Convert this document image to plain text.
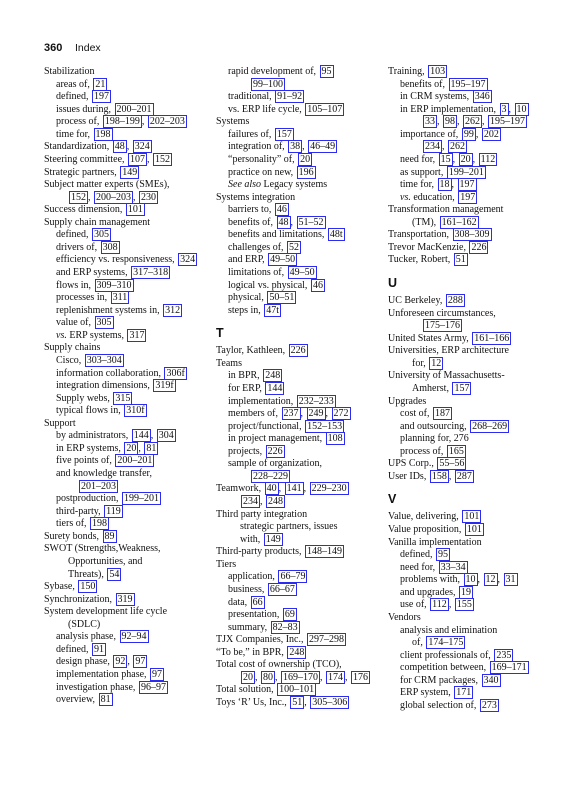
360 Index
Stabilization
areas of, 21
defined, 197
issues during, 200–201
process of, 198–199 , 202–203
time for, 198
Standardization, 48 , 324
Steering committee, 107 , 152
Strategic partners, 149
Subject matter experts (SMEs),
152 , 200–203 , 230
Success dimension, 101
Supply chain management
defined, 305
drivers of, 308
efficiency vs. responsiveness, 324
and ERP systems, 317–318
flows in, 309–310
processes in, 311
replenishment systems in, 312
value of, 305
vs. ERP systems, 317
Supply chains
Cisco, 303–304
information collaboration, 306f
integration dimensions, 319f
Supply webs, 315
typical flows in, 310f
Support
by administrators, 144 , 304
in ERP systems, 20 , 81
five points of, 200–201
and knowledge transfer,
201–203
postproduction, 199–201
third-party, 119
tiers of, 198
Surety bonds, 89
SWOT (Strengths,Weakness,
Opportunities, and
Threats), 54
Sybase, 150
Synchronization, 319
System development life cycle
(SDLC)
analysis phase, 92–94
defined, 91
design phase, 92 , 97
implementation phase, 97
investigation phase, 96–97
overview, 81
rapid development of, 95
99–100
traditional, 91–92
vs. ERP life cycle, 105–107
Systems
failures of, 157
integration of, 38 , 46–49
“personality” of, 20
practice on new, 196
See also Legacy systems
Systems integration
barriers to, 46
benefits of, 48 , 51–52
benefits and limitations, 48t
challenges of, 52
and ERP, 49–50
limitations of, 49–50
logical vs. physical, 46
physical, 50–51
steps in, 47t
T
Taylor, Kathleen, 226
Teams
in BPR, 248
for ERP, 144
implementation, 232–233
members of, 237 , 249 , 272
project/functional, 152–153
in project management, 108
projects, 226
sample of organization,
228–229
Teamwork, 40 , 141 , 229–230
234 , 248
Third party integration
strategic partners, issues
with, 149
Third-party products, 148–149
Tiers
application, 66–79
business, 66–67
data, 66
presentation, 69
summary, 82–83
TJX Companies, Inc., 297–298
“To be,” in BPR, 248
Total cost of ownership (TCO),
20 , 80 , 169–170 , 174 , 176
Total solution, 100–101
Toys ‘R’ Us, Inc., 51 , 305–306
Training, 103
benefits of, 195–197
in CRM systems, 346
in ERP implementation, 3 , 10
33 , 98 , 262 , 195–197
importance of, 99 , 202
234 , 262
need for, 15 , 20 , 112
as support, 199–201
time for, 18 , 197
vs. education, 197
Transformation management
(TM), 161–162
Transportation, 308–309
Trevor MacKenzie, 226
Tucker, Robert, 51
U
UC Berkeley, 288
Unforeseen circumstances,
175–176
United States Army, 161–166
Universities, ERP architecture
for, 12
University of Massachusetts-
Amherst, 157
Upgrades
cost of, 187
and outsourcing, 268–269
planning for, 276
process of, 165
UPS Corp., 55–56
User IDs, 158 , 287
V
Value, delivering, 101
Value proposition, 101
Vanilla implementation
defined, 95
need for, 33–34
problems with, 10 , 12 , 31
and upgrades, 19
use of, 112 , 155
Vendors
analysis and elimination
of, 174–175
client professionals of, 235
competition between, 169–171
for CRM packages, 340
ERP system, 171
global selection of, 273
